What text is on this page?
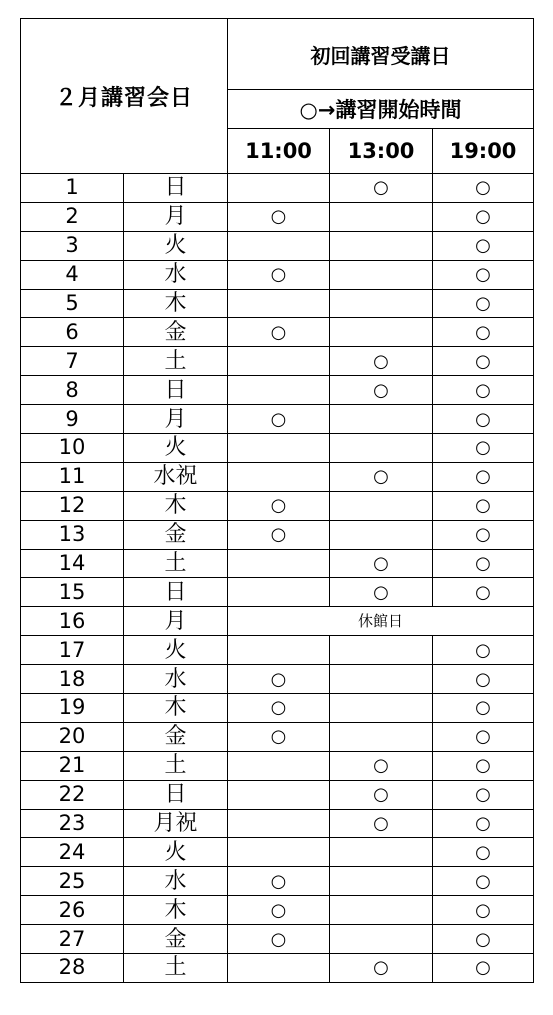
２月講習会日		初回講習受講日		
		○→講習開始時間		
		11:00	13:00	19:00
1	日		○	○
2	月	○		○
3	火			○
4	水	○		○
5	木			○
6	金	○		○
7	土		○	○
8	日		○	○
9	月	○		○
10	火			○
11	水祝		○	○
12	木	○		○
13	金	○		○
14	土		○	○
15	日		○	○
16	月	休館日		
17	火			○
18	水	○		○
19	木	○		○
20	金	○		○
21	土		○	○
22	日		○	○
23	月祝		○	○
24	火			○
25	水	○		○
26	木	○		○
27	金	○		○
28	土		○	○
